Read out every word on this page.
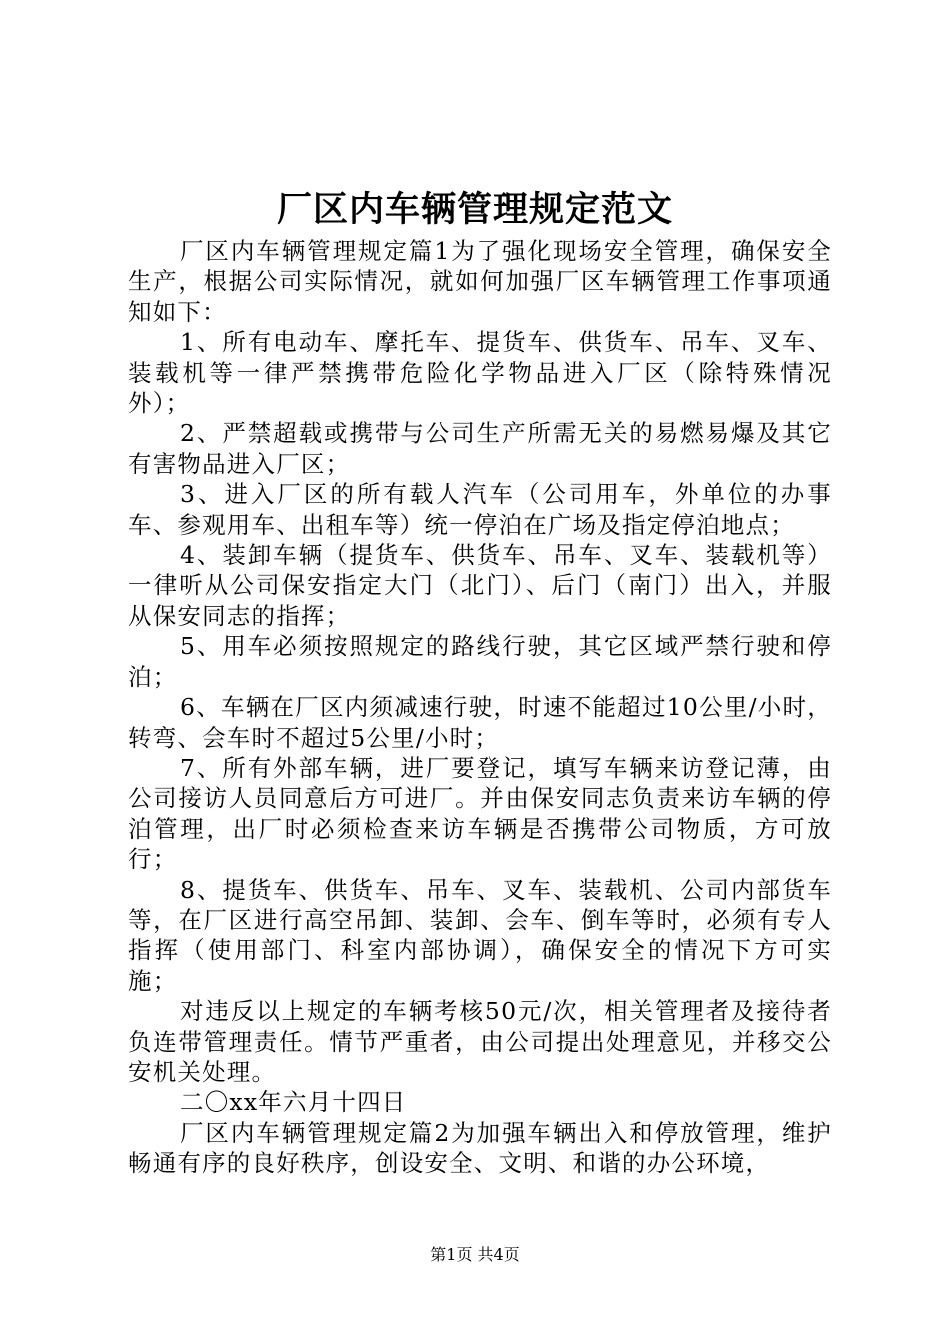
厂区内车辆管理规定范文

厂区内车辆管理规定篇1为了强化现场安全管理，确保安全生产，根据公司实际情况，就如何加强厂区车辆管理工作事项通知如下：

1、所有电动车、摩托车、提货车、供货车、吊车、叉车、装载机等一律严禁携带危险化学物品进入厂区（除特殊情况外）；

2、严禁超载或携带与公司生产所需无关的易燃易爆及其它有害物品进入厂区；

3、进入厂区的所有载人汽车（公司用车，外单位的办事车、参观用车、出租车等）统一停泊在广场及指定停泊地点；

4、装卸车辆（提货车、供货车、吊车、叉车、装载机等）一律听从公司保安指定大门（北门）、后门（南门）出入，并服从保安同志的指挥；

5、用车必须按照规定的路线行驶，其它区域严禁行驶和停泊；

6、车辆在厂区内须减速行驶，时速不能超过10公里/小时，转弯、会车时不超过5公里/小时；

7、所有外部车辆，进厂要登记，填写车辆来访登记薄，由公司接访人员同意后方可进厂。并由保安同志负责来访车辆的停泊管理，出厂时必须检查来访车辆是否携带公司物质，方可放行；

8、提货车、供货车、吊车、叉车、装载机、公司内部货车等，在厂区进行高空吊卸、装卸、会车、倒车等时，必须有专人指挥（使用部门、科室内部协调），确保安全的情况下方可实施；

对违反以上规定的车辆考核50元/次，相关管理者及接待者负连带管理责任。情节严重者，由公司提出处理意见，并移交公安机关处理。

二〇xx年六月十四日

厂区内车辆管理规定篇2为加强车辆出入和停放管理，维护畅通有序的良好秩序，创设安全、文明、和谐的办公环境，

第1页 共4页
